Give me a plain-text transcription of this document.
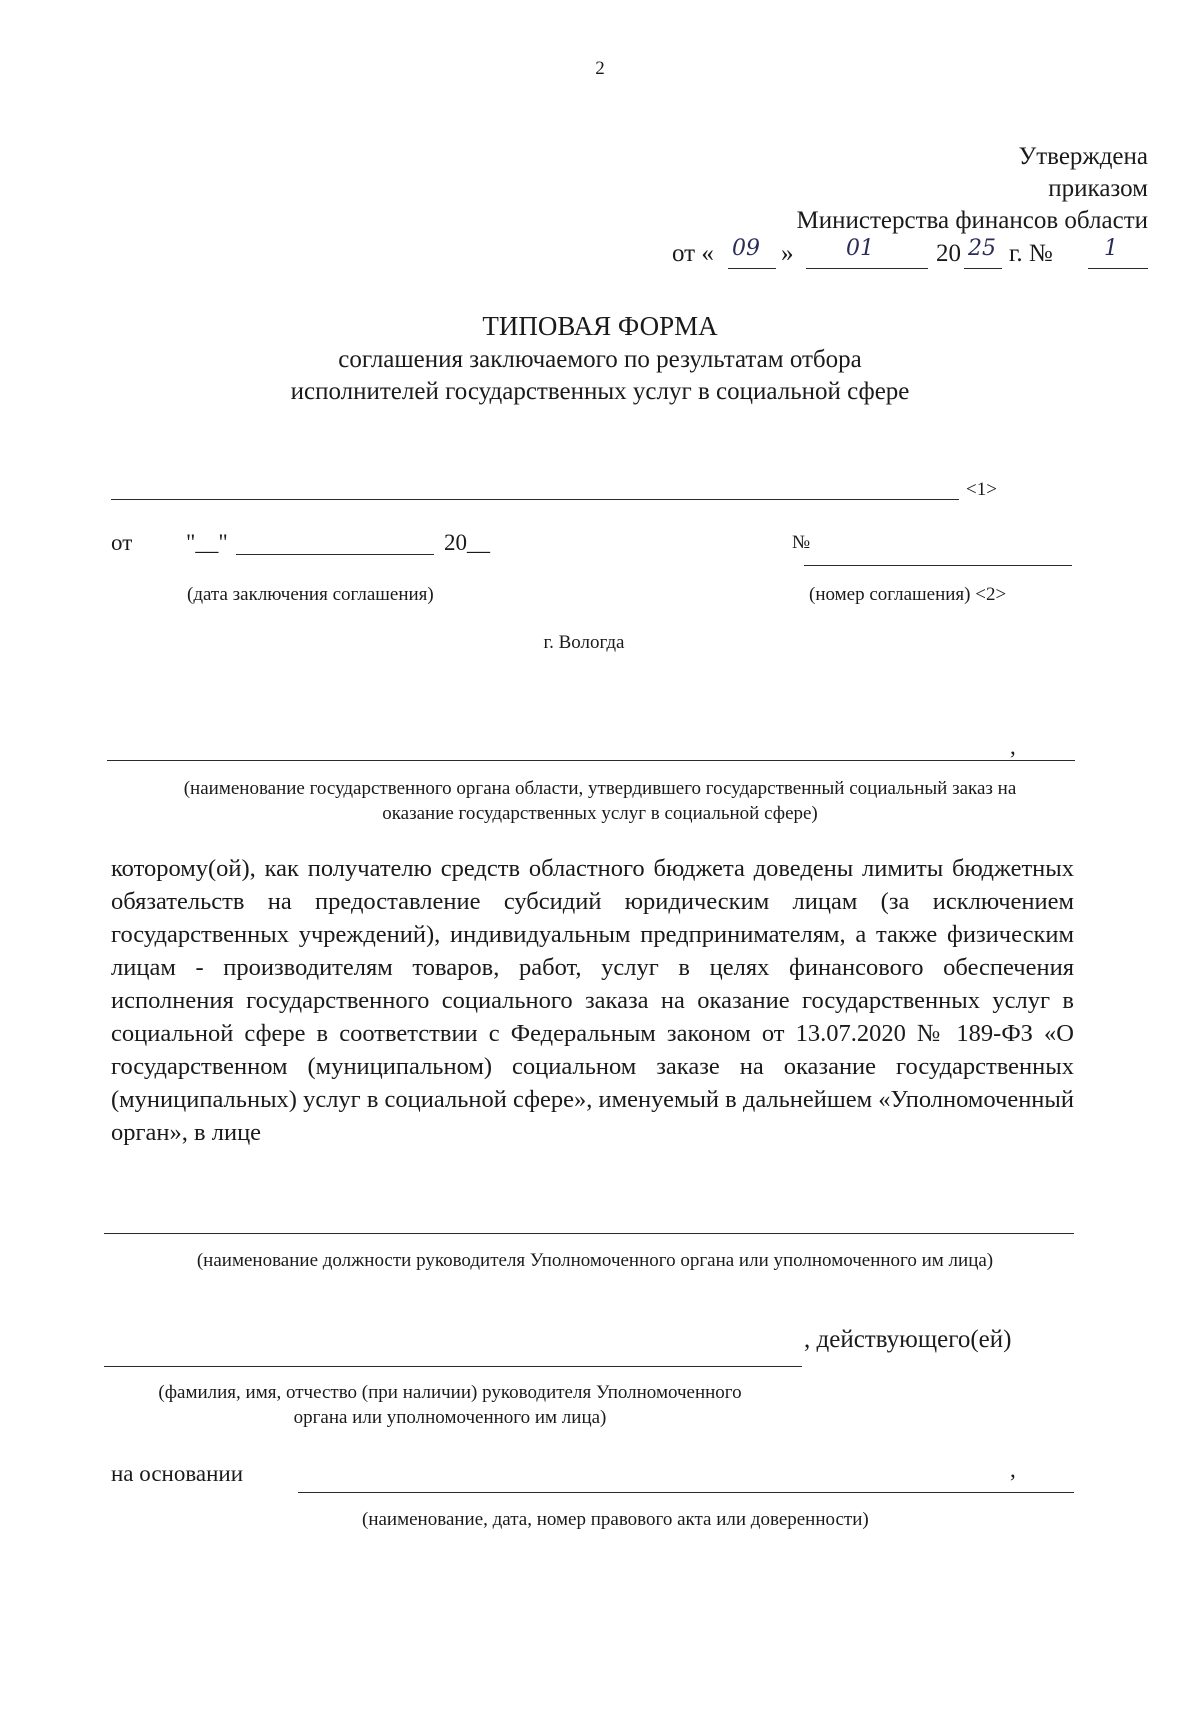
2
Утверждена
приказом
Министерства финансов области
от « 09 » 01 20 25 г. № 1
ТИПОВАЯ ФОРМА
соглашения заключаемого по результатам отбора
исполнителей государственных услуг в социальной сфере
<1>
от "__"	20__	№
(дата заключения соглашения)	(номер соглашения) <2>
г. Вологда
,
(наименование государственного органа области, утвердившего государственный социальный заказ на оказание государственных услуг в социальной сфере)
которому(ой), как получателю средств областного бюджета доведены лимиты бюджетных обязательств на предоставление субсидий юридическим лицам (за исключением государственных учреждений), индивидуальным предпринимателям, а также физическим лицам - производителям товаров, работ, услуг в целях финансового обеспечения исполнения государственного социального заказа на оказание государственных услуг в социальной сфере в соответствии с Федеральным законом от 13.07.2020 № 189-ФЗ «О государственном (муниципальном) социальном заказе на оказание государственных (муниципальных) услуг в социальной сфере», именуемый в дальнейшем «Уполномоченный орган», в лице
(наименование должности руководителя Уполномоченного органа или уполномоченного им лица)
, действующего(ей)
(фамилия, имя, отчество (при наличии) руководителя Уполномоченного органа или уполномоченного им лица)
на основании	,
(наименование, дата, номер правового акта или доверенности)
